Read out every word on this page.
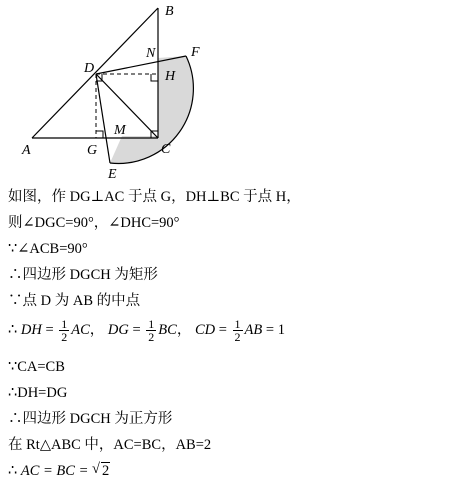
A
B
C
D
E
F
G
H
M
N
如图，作 DG⊥AC 于点 G，DH⊥BC 于点 H，
则∠DGC=90°，∠DHC=90°
∵∠ACB=90°
∴四边形 DGCH 为矩形
∵点 D 为 AB 的中点
∴ DH = $\frac{1}{2}$ AC， DG = $\frac{1}{2}$ BC， CD = $\frac{1}{2}$ AB = 1
∵CA=CB
∴DH=DG
∴四边形 DGCH 为正方形
在 Rt△ABC 中，AC=BC，AB=2
∴ AC = BC = √ 2
